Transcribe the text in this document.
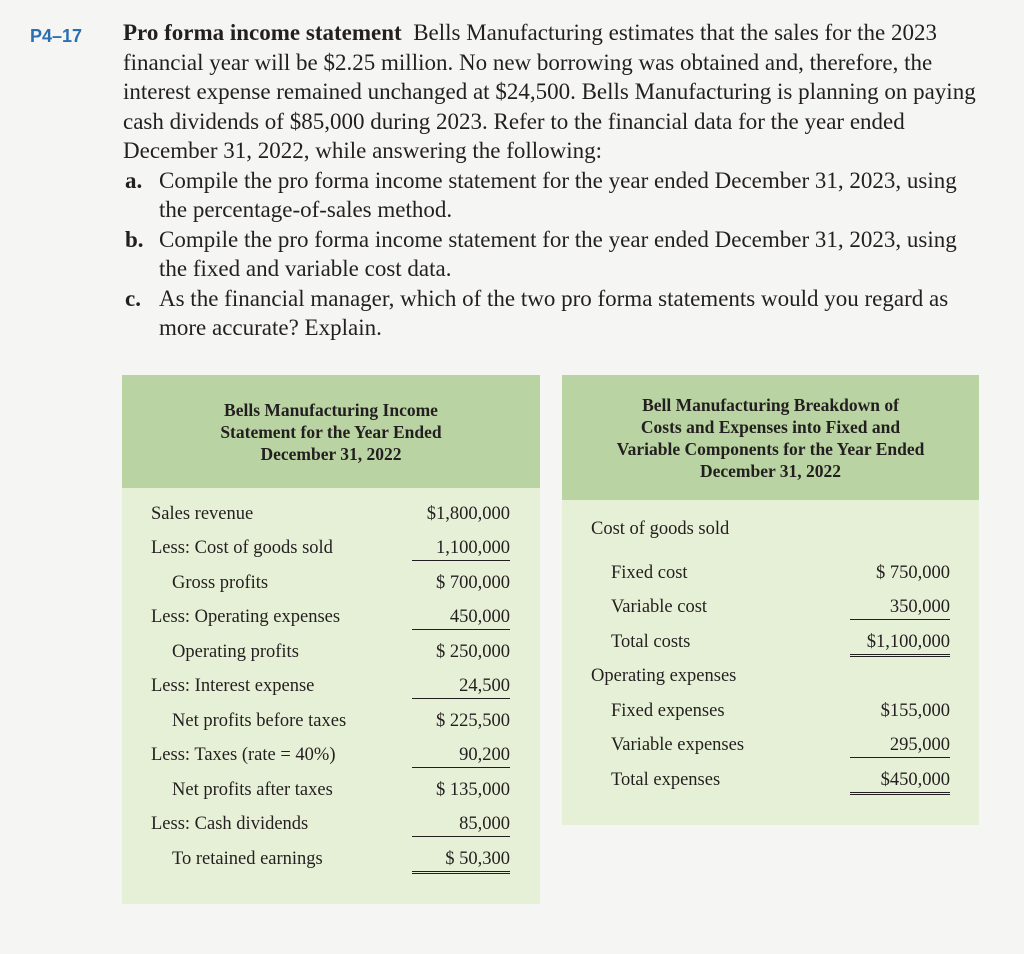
P4–17 Pro forma income statement Bells Manufacturing estimates that the sales for the 2023 financial year will be $2.25 million. No new borrowing was obtained and, therefore, the interest expense remained unchanged at $24,500. Bells Manufacturing is planning on paying cash dividends of $85,000 during 2023. Refer to the financial data for the year ended December 31, 2022, while answering the following:
a. Compile the pro forma income statement for the year ended December 31, 2023, using the percentage-of-sales method.
b. Compile the pro forma income statement for the year ended December 31, 2023, using the fixed and variable cost data.
c. As the financial manager, which of the two pro forma statements would you regard as more accurate? Explain.
Bells Manufacturing Income
Statement for the Year Ended
December 31, 2022
Sales revenue	$1,800,000
Less: Cost of goods sold	1,100,000
Gross profits	$ 700,000
Less: Operating expenses	450,000
Operating profits	$ 250,000
Less: Interest expense	24,500
Net profits before taxes	$ 225,500
Less: Taxes (rate = 40%)	90,200
Net profits after taxes	$ 135,000
Less: Cash dividends	85,000
To retained earnings	$ 50,300
Bell Manufacturing Breakdown of
Costs and Expenses into Fixed and
Variable Components for the Year Ended
December 31, 2022
Cost of goods sold
Fixed cost	$ 750,000
Variable cost	350,000
Total costs	$1,100,000
Operating expenses
Fixed expenses	$155,000
Variable expenses	295,000
Total expenses	$450,000
